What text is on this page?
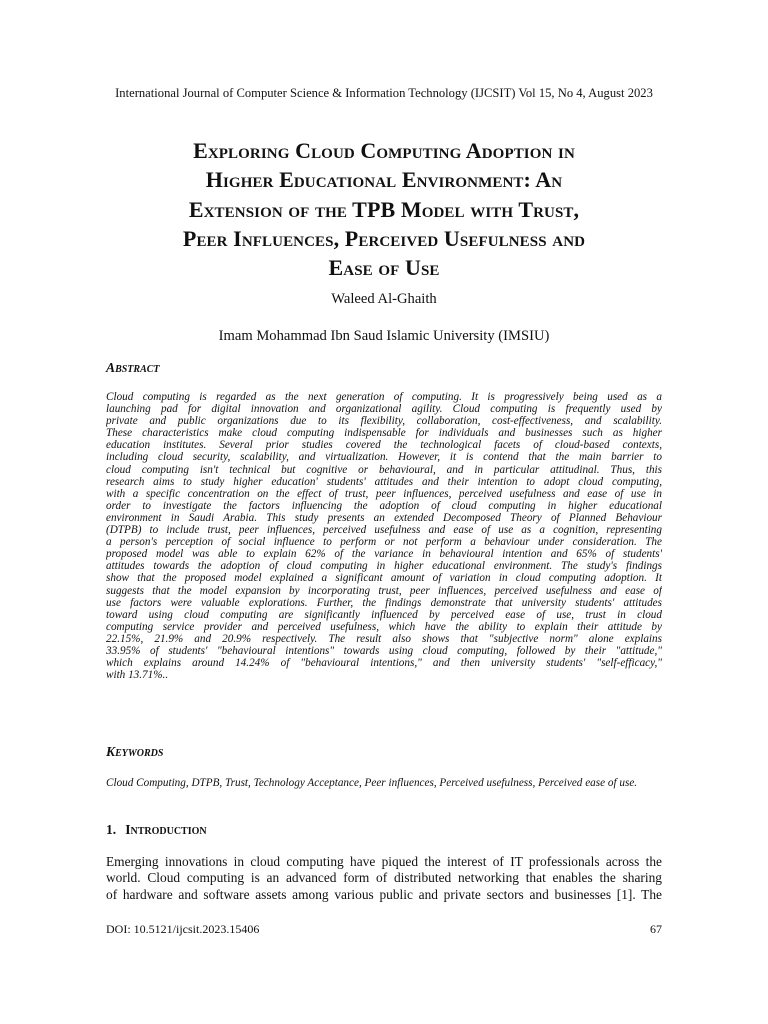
International Journal of Computer Science & Information Technology (IJCSIT) Vol 15, No 4, August 2023
Exploring Cloud Computing Adoption in
Higher Educational Environment: An
Extension of the TPB Model with Trust,
Peer Influences, Perceived Usefulness and
Ease of Use
Waleed Al-Ghaith
Imam Mohammad Ibn Saud Islamic University (IMSIU)
Abstract
Cloud computing is regarded as the next generation of computing. It is progressively being used as a
launching pad for digital innovation and organizational agility. Cloud computing is frequently used by
private and public organizations due to its flexibility, collaboration, cost-effectiveness, and scalability.
These characteristics make cloud computing indispensable for individuals and businesses such as higher
education institutes. Several prior studies covered the technological facets of cloud-based contexts,
including cloud security, scalability, and virtualization. However, it is contend that the main barrier to
cloud computing isn't technical but cognitive or behavioural, and in particular attitudinal. Thus, this
research aims to study higher education' students' attitudes and their intention to adopt cloud computing,
with a specific concentration on the effect of trust, peer influences, perceived usefulness and ease of use in
order to investigate the factors influencing the adoption of cloud computing in higher educational
environment in Saudi Arabia. This study presents an extended Decomposed Theory of Planned Behaviour
(DTPB) to include trust, peer influences, perceived usefulness and ease of use as a cognition, representing
a person's perception of social influence to perform or not perform a behaviour under consideration. The
proposed model was able to explain 62% of the variance in behavioural intention and 65% of students'
attitudes towards the adoption of cloud computing in higher educational environment. The study's findings
show that the proposed model explained a significant amount of variation in cloud computing adoption. It
suggests that the model expansion by incorporating trust, peer influences, perceived usefulness and ease of
use factors were valuable explorations. Further, the findings demonstrate that university students' attitudes
toward using cloud computing are significantly influenced by perceived ease of use, trust in cloud
computing service provider and perceived usefulness, which have the ability to explain their attitude by
22.15%, 21.9% and 20.9% respectively. The result also shows that "subjective norm" alone explains
33.95% of students' "behavioural intentions" towards using cloud computing, followed by their "attitude,"
which explains around 14.24% of "behavioural intentions," and then university students' "self-efficacy,"
with 13.71%..
Keywords

Cloud Computing, DTPB, Trust, Technology Acceptance, Peer influences, Perceived usefulness, Perceived ease of use.

1. Introduction
Emerging innovations in cloud computing have piqued the interest of IT professionals across the
world. Cloud computing is an advanced form of distributed networking that enables the sharing
of hardware and software assets among various public and private sectors and businesses [1]. The
DOI: 10.5121/ijcsit.2023.15406	67
